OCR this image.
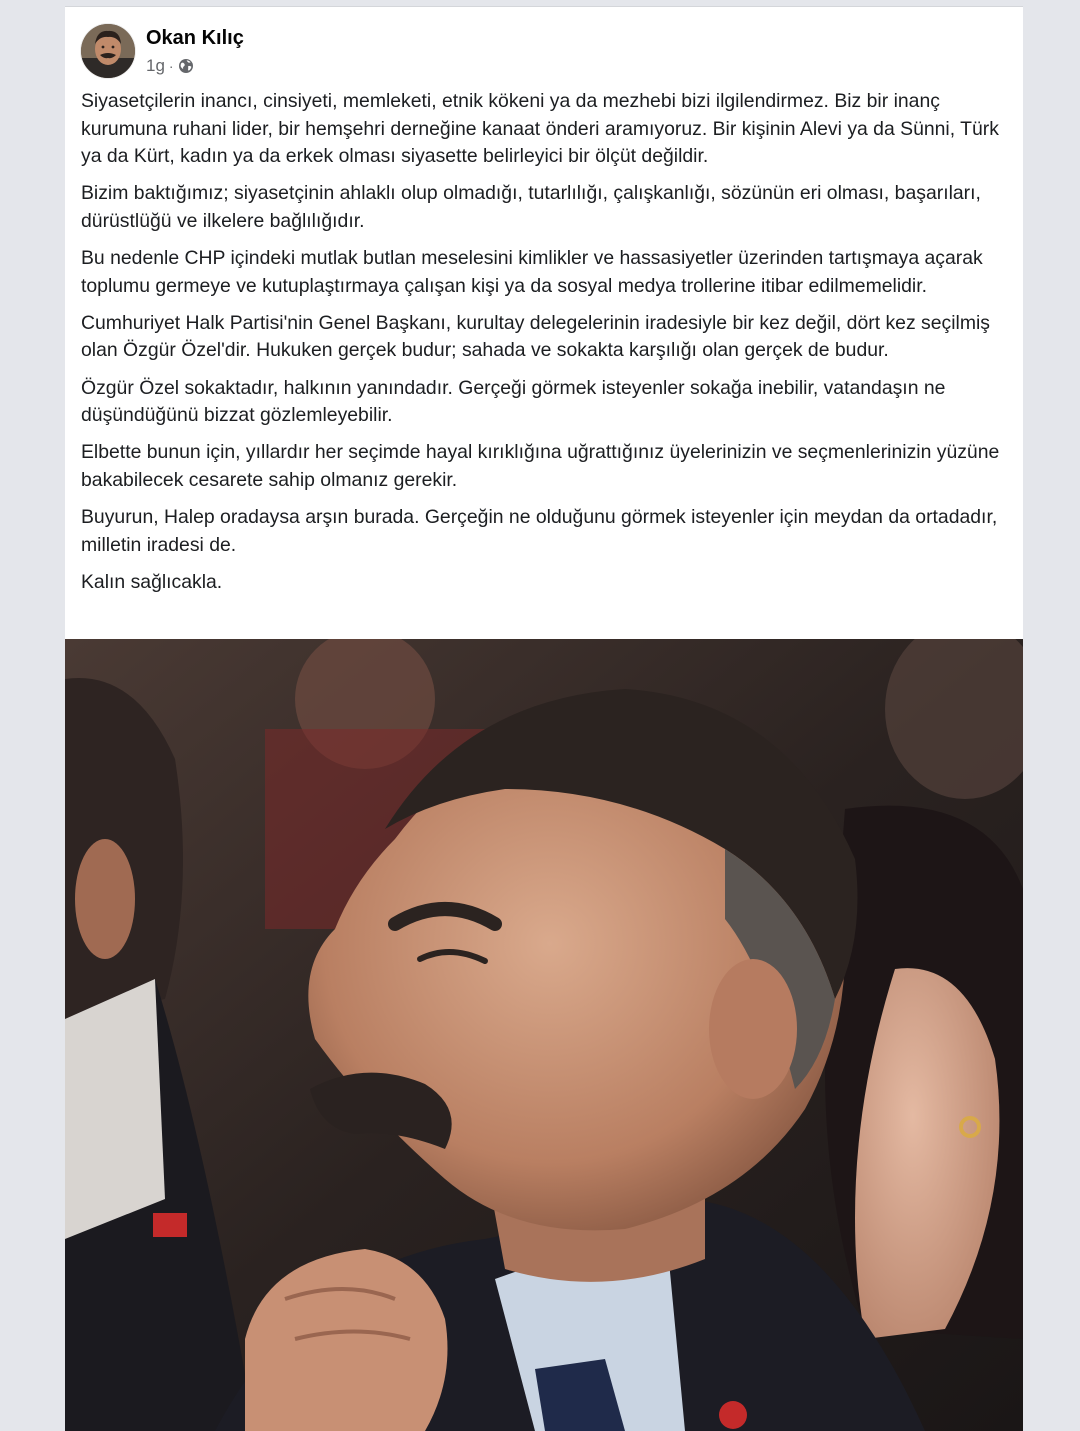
Okan Kılıç
1g ·

Siyasetçilerin inancı, cinsiyeti, memleketi, etnik kökeni ya da mezhebi bizi ilgilendirmez. Biz bir inanç kurumuna ruhani lider, bir hemşehri derneğine kanaat önderi aramıyoruz. Bir kişinin Alevi ya da Sünni, Türk ya da Kürt, kadın ya da erkek olması siyasette belirleyici bir ölçüt değildir.

Bizim baktığımız; siyasetçinin ahlaklı olup olmadığı, tutarlılığı, çalışkanlığı, sözünün eri olması, başarıları, dürüstlüğü ve ilkelere bağlılığıdır.

Bu nedenle CHP içindeki mutlak butlan meselesini kimlikler ve hassasiyetler üzerinden tartışmaya açarak toplumu germeye ve kutuplaştırmaya çalışan kişi ya da sosyal medya trollerine itibar edilmemelidir.

Cumhuriyet Halk Partisi'nin Genel Başkanı, kurultay delegelerinin iradesiyle bir kez değil, dört kez seçilmiş olan Özgür Özel'dir. Hukuken gerçek budur; sahada ve sokakta karşılığı olan gerçek de budur.

Özgür Özel sokaktadır, halkının yanındadır. Gerçeği görmek isteyenler sokağa inebilir, vatandaşın ne düşündüğünü bizzat gözlemleyebilir.

Elbette bunun için, yıllardır her seçimde hayal kırıklığına uğrattığınız üyelerinizin ve seçmenlerinizin yüzüne bakabilecek cesarete sahip olmanız gerekir.

Buyurun, Halep oradaysa arşın burada. Gerçeğin ne olduğunu görmek isteyenler için meydan da ortadadır, milletin iradesi de.

Kalın sağlıcakla.
